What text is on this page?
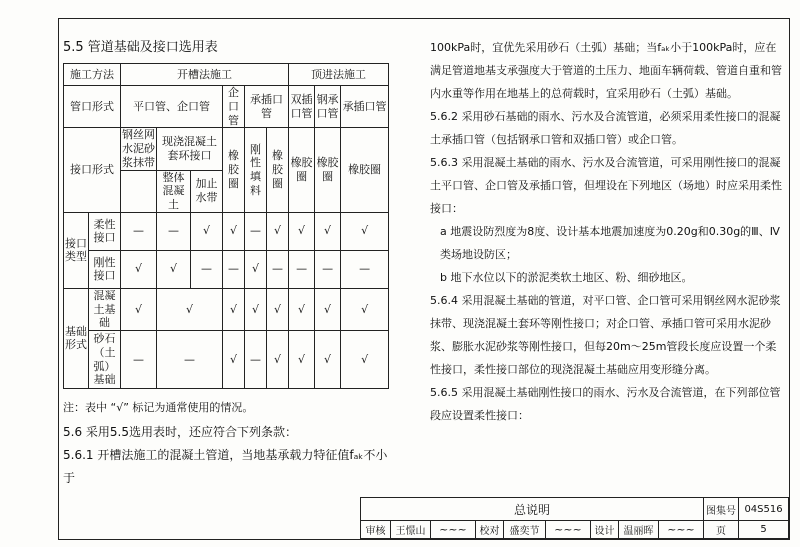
5.5 管道基础及接口选用表
施工方法		开槽法施工						顶进法施工		
管口形式		平口管、企口管			企口管	承插口管		双插口管	钢承口管	承插口管
接口形式		钢丝网水泥砂浆抹带	现浇混凝土套环接口		橡胶圈	刚性填料	橡胶圈	橡胶圈	橡胶圈	橡胶圈
			整体混凝土	加止水带						
接口类型	柔性接口	—	—	√	√	—	√	√	√	√
	刚性接口	√	√	—	—	√	—	—	—	—
基础形式	混凝土基础	√	√		√	√	√	√	√	√
	砂石（土弧）基础	—	—		√	—	√	√	√	√
注：表中 “√” 标记为通常使用的情况。

5.6 采用5.5选用表时，还应符合下列条款：

5.6.1 开槽法施工的混凝土管道，当地基承载力特征值fₐₖ不小于

100kPa时，宜优先采用砂石（土弧）基础；当fₐₖ小于100kPa时，应在满足管道地基支承强度大于管道的土压力、地面车辆荷载、管道自重和管内水重等作用在地基上的总荷载时，宜采用砂石（土弧）基础。

5.6.2 采用砂石基础的雨水、污水及合流管道，必须采用柔性接口的混凝土承插口管（包括钢承口管和双插口管）或企口管。

5.6.3 采用混凝土基础的雨水、污水及合流管道，可采用刚性接口的混凝土平口管、企口管及承插口管，但埋设在下列地区（场地）时应采用柔性接口：

a 地震设防烈度为8度、设计基本地震加速度为0.20g和0.30g的Ⅲ、Ⅳ类场地设防区；

b 地下水位以下的淤泥类软土地区、粉、细砂地区。

5.6.4 采用混凝土基础的管道，对平口管、企口管可采用钢丝网水泥砂浆抹带、现浇混凝土套环等刚性接口；对企口管、承插口管可采用水泥砂浆、膨胀水泥砂浆等刚性接口，但每20m～25m管段长度应设置一个柔性接口，柔性接口部位的现浇混凝土基础应用变形缝分离。

5.6.5 采用混凝土基础刚性接口的雨水、污水及合流管道，在下列部位管段应设置柔性接口：

总说明									图集号	04S516
审核	王憬山	~~~	校对	盛奕节	~~~	设计	温丽晖	~~~	页	5
